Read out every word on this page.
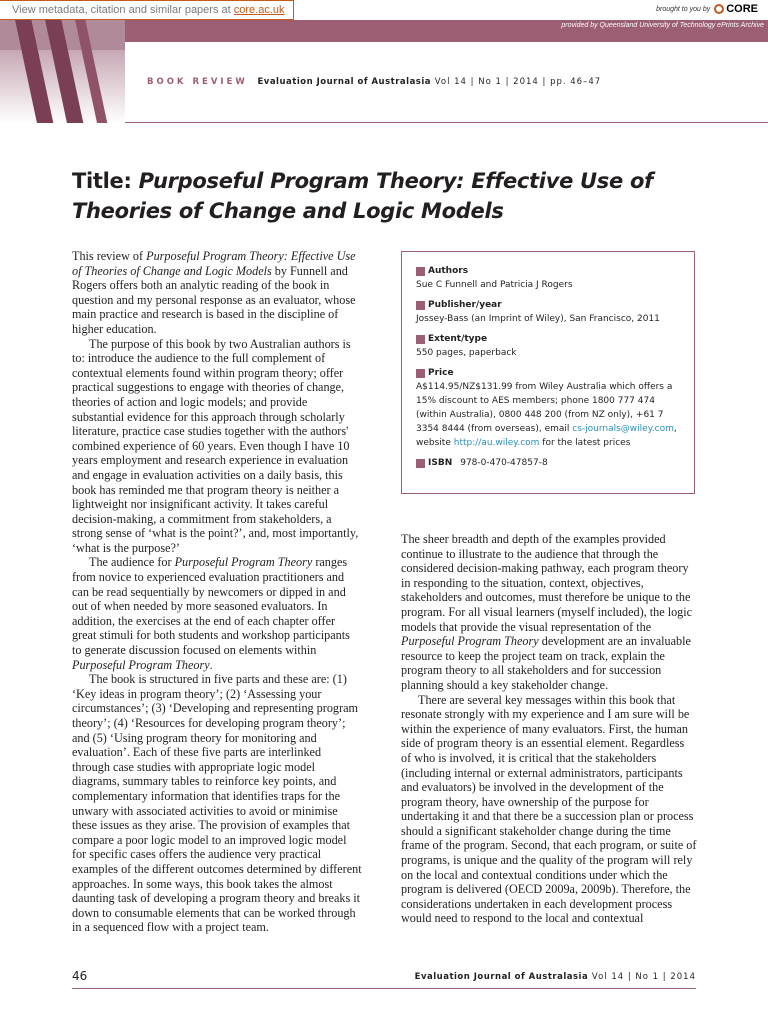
View metadata, citation and similar papers at core.ac.uk	brought to you by CORE
provided by Queensland University of Technology ePrints Archive
BOOK REVIEW Evaluation Journal of Australasia Vol 14 | No 1 | 2014 | pp. 46–47
Title: Purposeful Program Theory: Effective Use of Theories of Change and Logic Models

This review of Purposeful Program Theory: Effective Use of Theories of Change and Logic Models by Funnell and Rogers offers both an analytic reading of the book in question and my personal response as an evaluator, whose main practice and research is based in the discipline of higher education.

The purpose of this book by two Australian authors is to: introduce the audience to the full complement of contextual elements found within program theory; offer practical suggestions to engage with theories of change, theories of action and logic models; and provide substantial evidence for this approach through scholarly literature, practice case studies together with the authors' combined experience of 60 years. Even though I have 10 years employment and research experience in evaluation and engage in evaluation activities on a daily basis, this book has reminded me that program theory is neither a lightweight nor insignificant activity. It takes careful decision-making, a commitment from stakeholders, a strong sense of ‘what is the point?’, and, most importantly, ‘what is the purpose?’

The audience for Purposeful Program Theory ranges from novice to experienced evaluation practitioners and can be read sequentially by newcomers or dipped in and out of when needed by more seasoned evaluators. In addition, the exercises at the end of each chapter offer great stimuli for both students and workshop participants to generate discussion focused on elements within Purposeful Program Theory.

The book is structured in five parts and these are: (1) ‘Key ideas in program theory’; (2) ‘Assessing your circumstances’; (3) ‘Developing and representing program theory’; (4) ‘Resources for developing program theory’; and (5) ‘Using program theory for monitoring and evaluation’. Each of these five parts are interlinked through case studies with appropriate logic model diagrams, summary tables to reinforce key points, and complementary information that identifies traps for the unwary with associated activities to avoid or minimise these issues as they arise. The provision of examples that compare a poor logic model to an improved logic model for specific cases offers the audience very practical examples of the different outcomes determined by different approaches. In some ways, this book takes the almost daunting task of developing a program theory and breaks it down to consumable elements that can be worked through in a sequenced flow with a project team.

Authors
Sue C Funnell and Patricia J Rogers
Publisher/year
Jossey-Bass (an Imprint of Wiley), San Francisco, 2011
Extent/type
550 pages, paperback
Price
A$114.95/NZ$131.99 from Wiley Australia which offers a 15% discount to AES members; phone 1800 777 474 (within Australia), 0800 448 200 (from NZ only), +61 7 3354 8444 (from overseas), email cs-journals@wiley.com, website http://au.wiley.com for the latest prices
ISBN 978-0-470-47857-8

The sheer breadth and depth of the examples provided continue to illustrate to the audience that through the considered decision-making pathway, each program theory in responding to the situation, context, objectives, stakeholders and outcomes, must therefore be unique to the program. For all visual learners (myself included), the logic models that provide the visual representation of the Purposeful Program Theory development are an invaluable resource to keep the project team on track, explain the program theory to all stakeholders and for succession planning should a key stakeholder change.

There are several key messages within this book that resonate strongly with my experience and I am sure will be within the experience of many evaluators. First, the human side of program theory is an essential element. Regardless of who is involved, it is critical that the stakeholders (including internal or external administrators, participants and evaluators) be involved in the development of the program theory, have ownership of the purpose for undertaking it and that there be a succession plan or process should a significant stakeholder change during the time frame of the program. Second, that each program, or suite of programs, is unique and the quality of the program will rely on the local and contextual conditions under which the program is delivered (OECD 2009a, 2009b). Therefore, the considerations undertaken in each development process would need to respond to the local and contextual

46	Evaluation Journal of Australasia Vol 14 | No 1 | 2014
